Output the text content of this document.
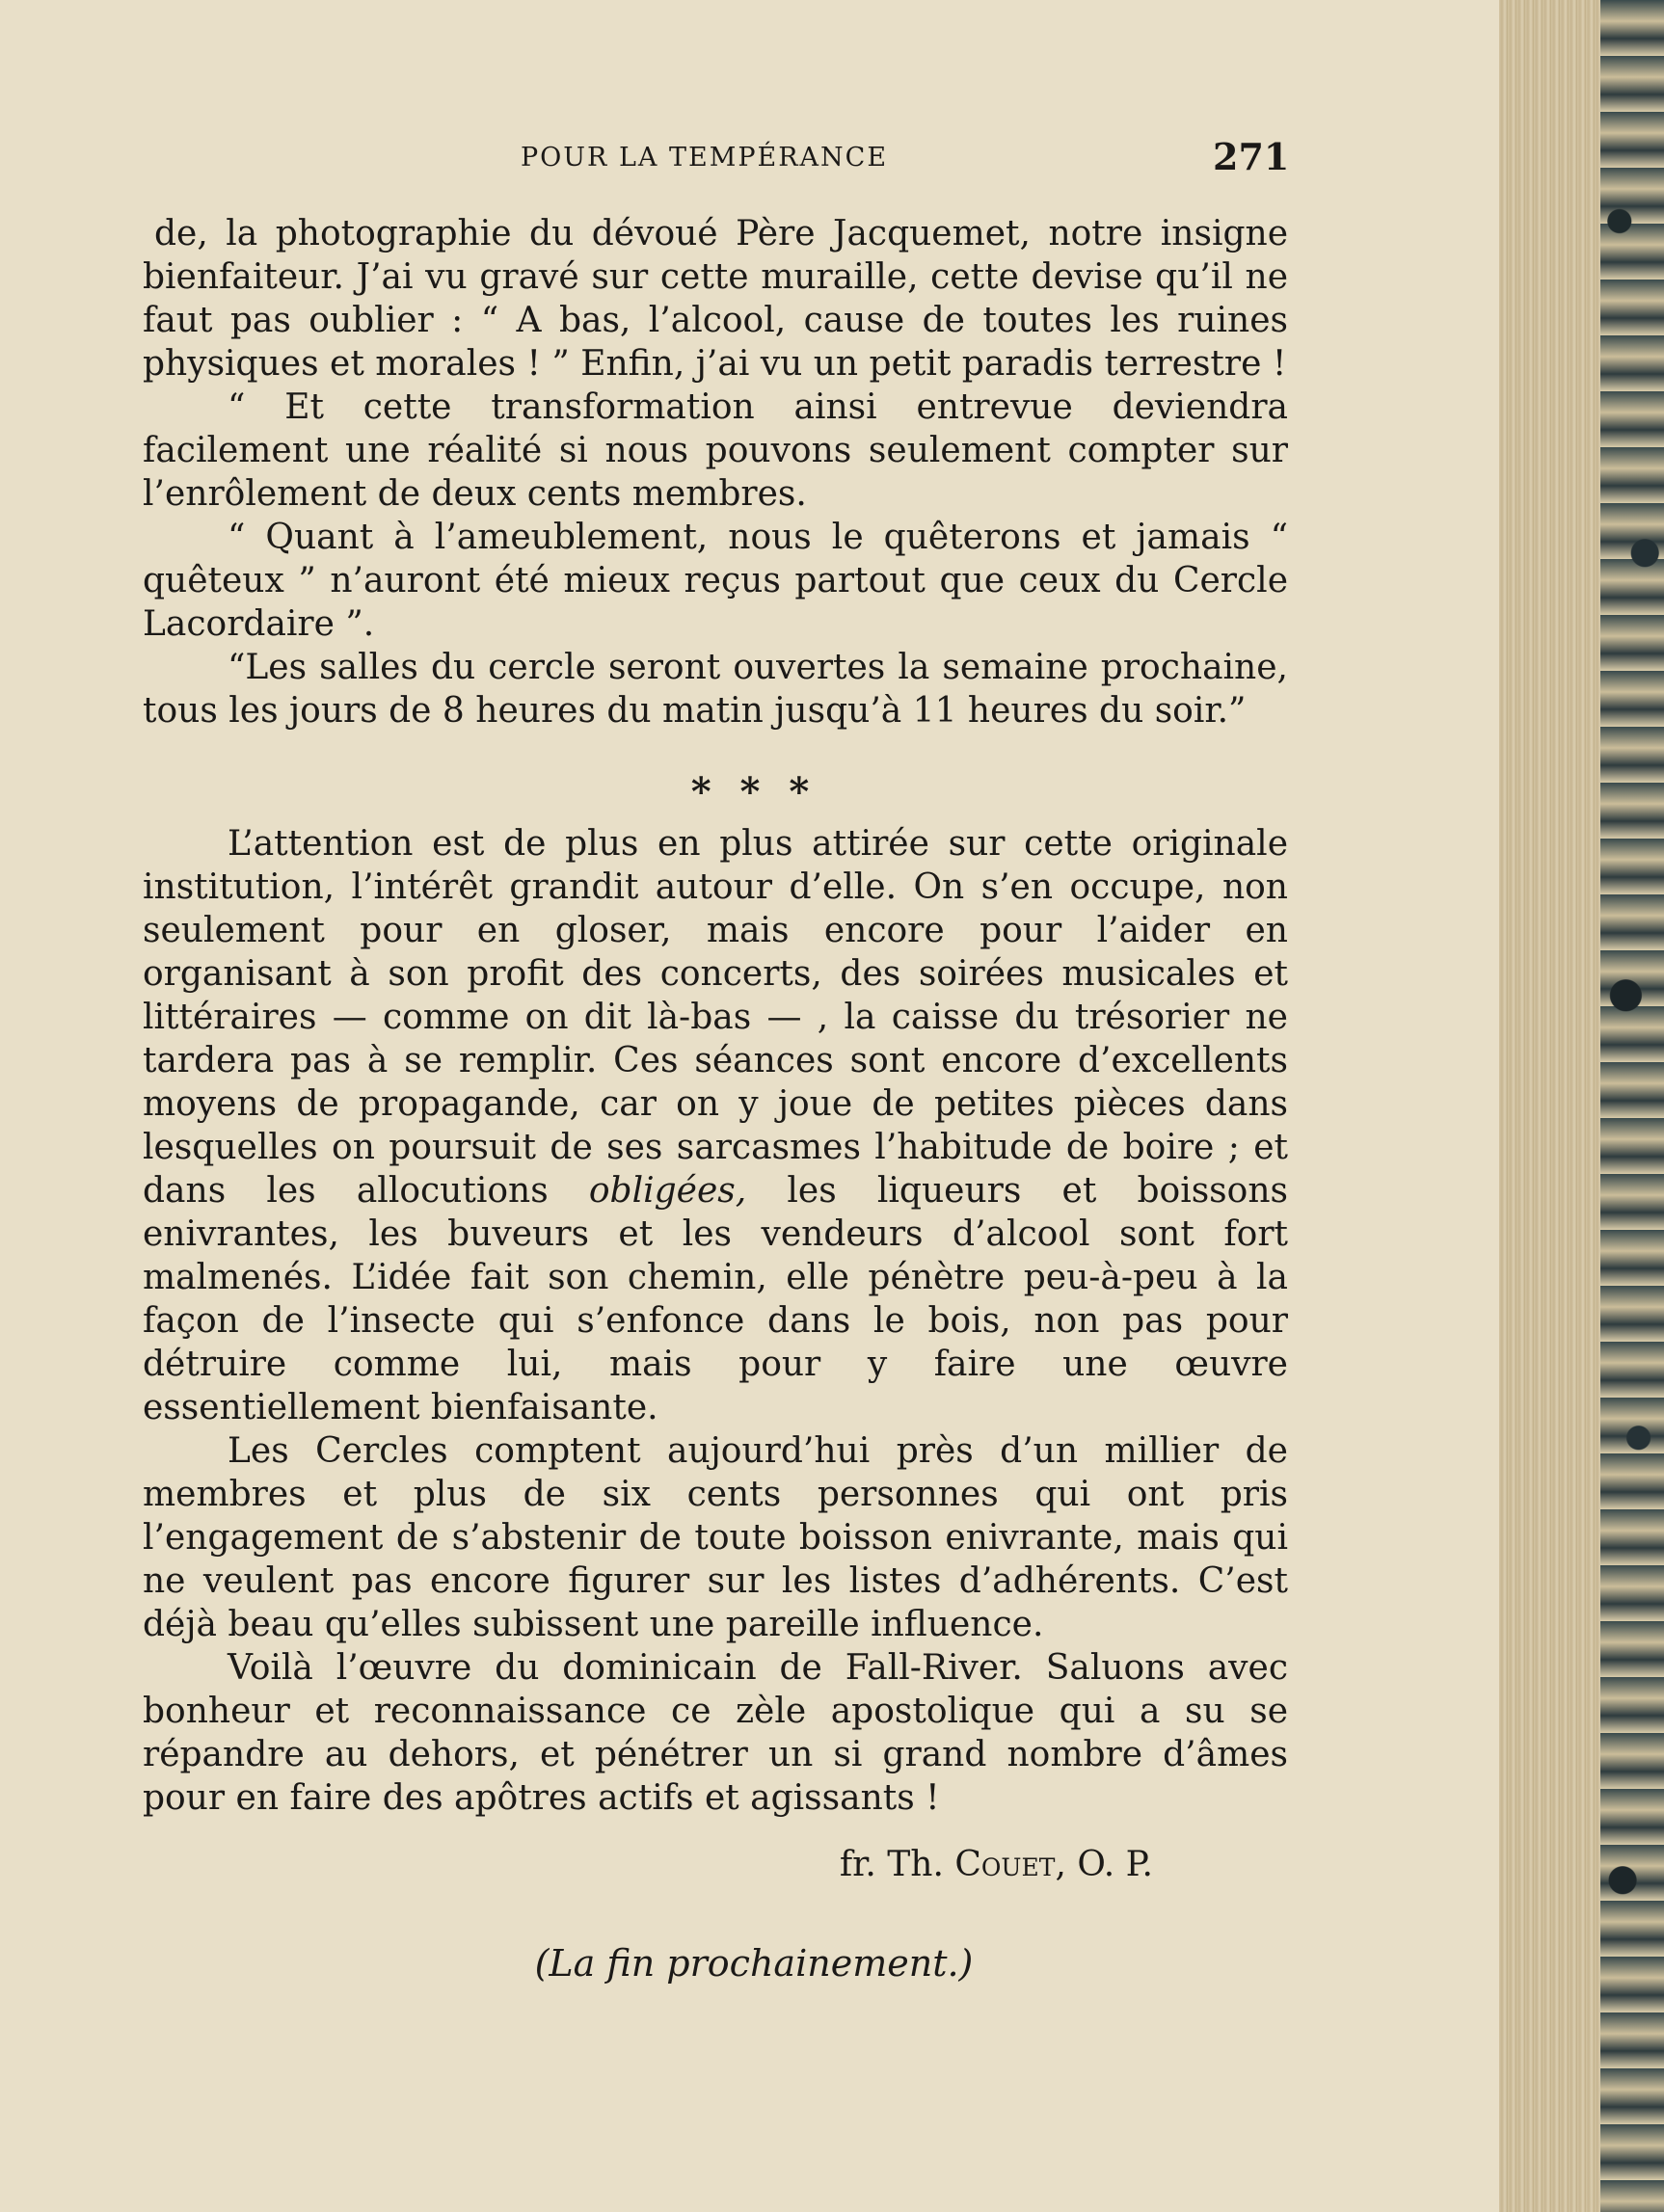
POUR LA TEMPÉRANCE	271

de, la photographie du dévoué Père Jacquemet, notre insigne bienfaiteur. J’ai vu gravé sur cette muraille, cette devise qu’il ne faut pas oublier : “ A bas, l’alcool, cause de toutes les ruines physiques et morales ! ” Enfin, j’ai vu un petit paradis terrestre !

“ Et cette transformation ainsi entrevue deviendra facilement une réalité si nous pouvons seulement compter sur l’enrôlement de deux cents membres.

“ Quant à l’ameublement, nous le quêterons et jamais “ quêteux ” n’auront été mieux reçus partout que ceux du Cercle Lacordaire ”.

“Les salles du cercle seront ouvertes la semaine prochaine, tous les jours de 8 heures du matin jusqu’à 11 heures du soir.”

⁎ ⁎ ⁎

L’attention est de plus en plus attirée sur cette originale institution, l’intérêt grandit autour d’elle. On s’en occupe, non seulement pour en gloser, mais encore pour l’aider en organisant à son profit des concerts, des soirées musicales et littéraires — comme on dit là-bas — , la caisse du trésorier ne tardera pas à se remplir. Ces séances sont encore d’excellents moyens de propagande, car on y joue de petites pièces dans lesquelles on poursuit de ses sarcasmes l’habitude de boire ; et dans les allocutions obligées, les liqueurs et boissons enivrantes, les buveurs et les vendeurs d’alcool sont fort malmenés. L’idée fait son chemin, elle pénètre peu-à-peu à la façon de l’insecte qui s’enfonce dans le bois, non pas pour détruire comme lui, mais pour y faire une œuvre essentiellement bienfaisante.

Les Cercles comptent aujourd’hui près d’un millier de membres et plus de six cents personnes qui ont pris l’engagement de s’abstenir de toute boisson enivrante, mais qui ne veulent pas encore figurer sur les listes d’adhérents. C’est déjà beau qu’elles subissent une pareille influence.

Voilà l’œuvre du dominicain de Fall-River. Saluons avec bonheur et reconnaissance ce zèle apostolique qui a su se répandre au dehors, et pénétrer un si grand nombre d’âmes pour en faire des apôtres actifs et agissants !

fr. Th. Couet, O. P.
(La fin prochainement.)
